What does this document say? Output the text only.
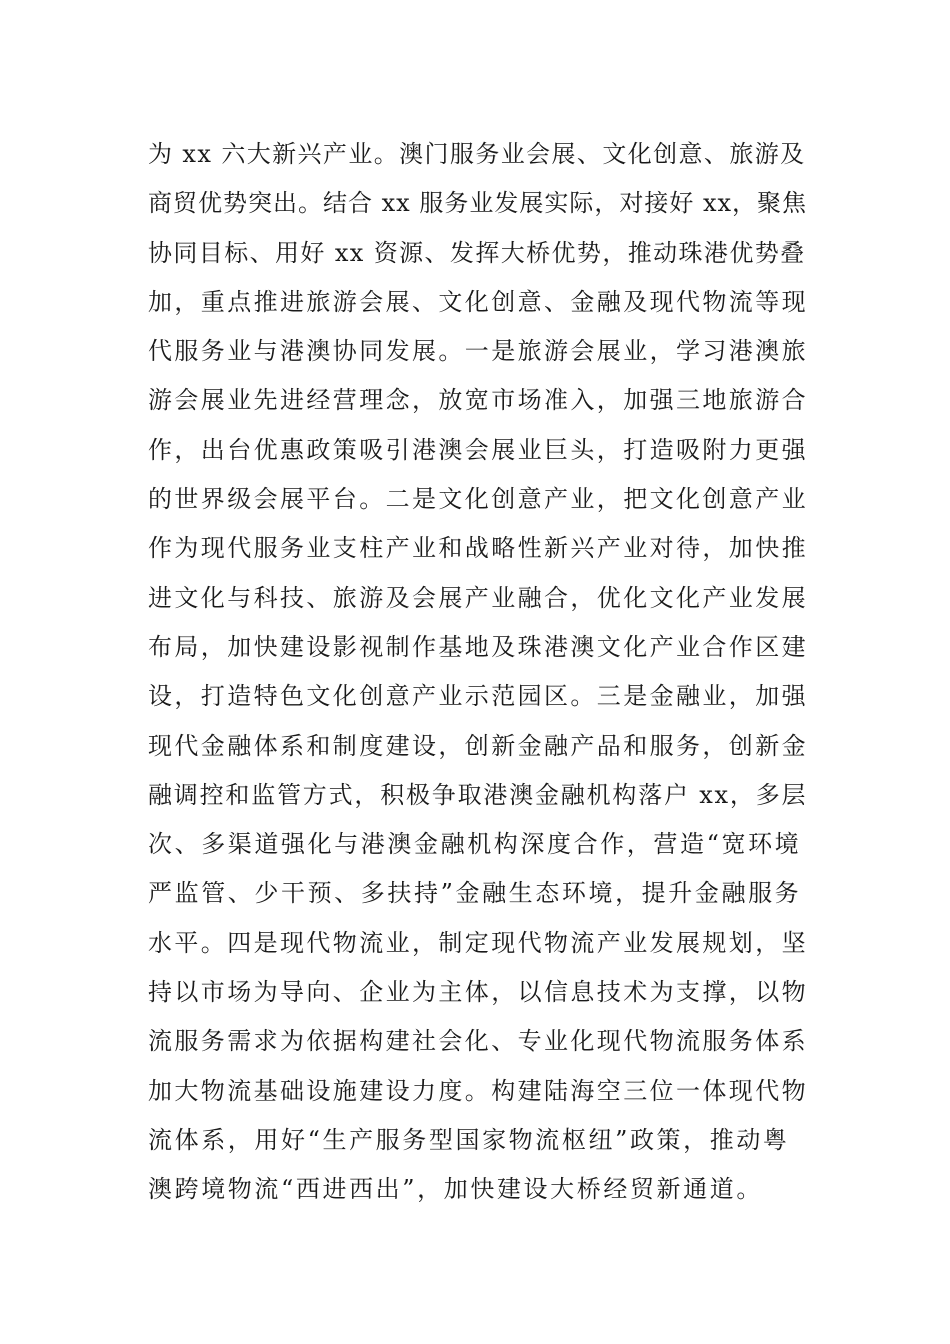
为 xx 六大新兴产业。澳门服务业会展、文化创意、旅游及
商贸优势突出。结合 xx 服务业发展实际，对接好 xx，聚焦
协同目标、用好 xx 资源、发挥大桥优势，推动珠港优势叠
加，重点推进旅游会展、文化创意、金融及现代物流等现
代服务业与港澳协同发展。一是旅游会展业，学习港澳旅
游会展业先进经营理念，放宽市场准入，加强三地旅游合
作，出台优惠政策吸引港澳会展业巨头，打造吸附力更强
的世界级会展平台。二是文化创意产业，把文化创意产业
作为现代服务业支柱产业和战略性新兴产业对待，加快推
进文化与科技、旅游及会展产业融合，优化文化产业发展
布局，加快建设影视制作基地及珠港澳文化产业合作区建
设，打造特色文化创意产业示范园区。三是金融业，加强
现代金融体系和制度建设，创新金融产品和服务，创新金
融调控和监管方式，积极争取港澳金融机构落户 xx，多层
次、多渠道强化与港澳金融机构深度合作，营造“宽环境
严监管、少干预、多扶持”金融生态环境，提升金融服务
水平。四是现代物流业，制定现代物流产业发展规划，坚
持以市场为导向、企业为主体，以信息技术为支撑，以物
流服务需求为依据构建社会化、专业化现代物流服务体系
加大物流基础设施建设力度。构建陆海空三位一体现代物
流体系，用好“生产服务型国家物流枢纽”政策，推动粤
澳跨境物流“西进西出”，加快建设大桥经贸新通道。
